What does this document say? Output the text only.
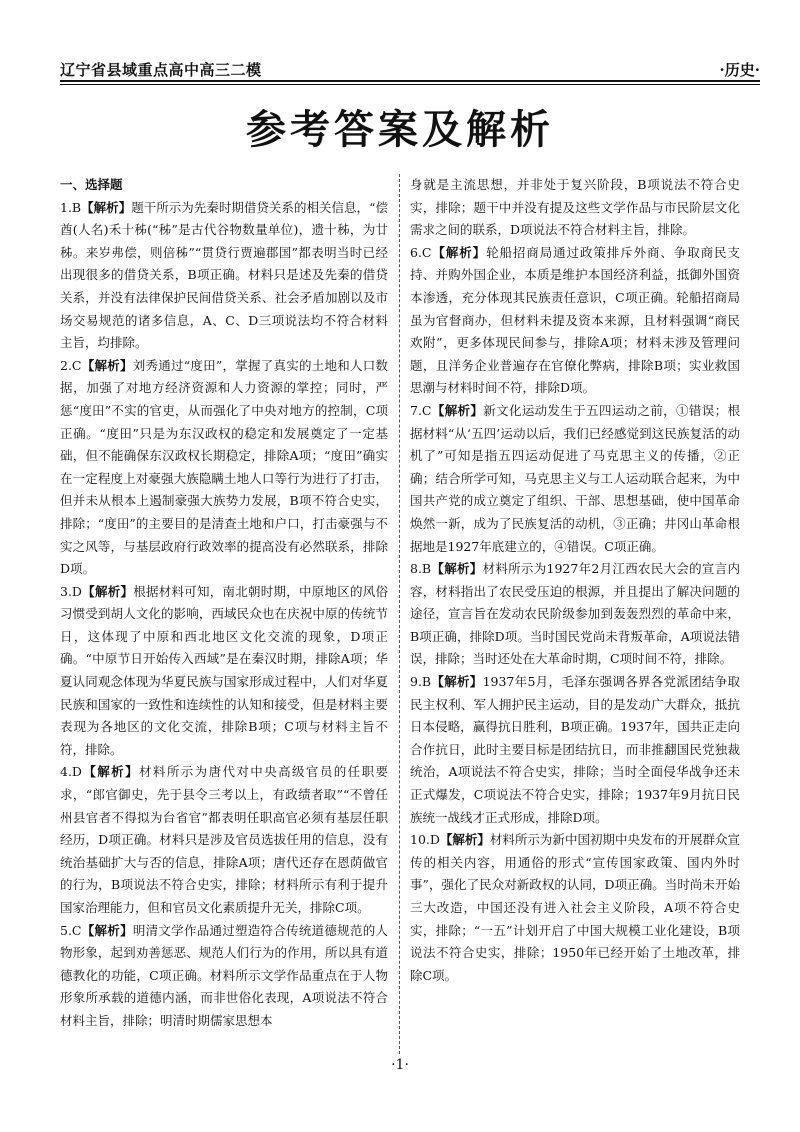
辽宁省县域重点高中高三二模	·历史·
参考答案及解析
一、选择题

1.B【解析】题干所示为先秦时期借贷关系的相关信息，“偿酋(人名)禾十秭(“秭”是古代谷物数量单位)，遗十秭，为廿秭。来岁弗偿，则倍秭”“贯贷行贾遍郡国”都表明当时已经出现很多的借贷关系，B项正确。材料只是述及先秦的借贷关系，并没有法律保护民间借贷关系、社会矛盾加剧以及市场交易规范的诸多信息，A、C、D三项说法均不符合材料主旨，均排除。

2.C【解析】刘秀通过“度田”，掌握了真实的土地和人口数据，加强了对地方经济资源和人力资源的掌控；同时，严惩“度田”不实的官吏，从而强化了中央对地方的控制，C项正确。“度田”只是为东汉政权的稳定和发展奠定了一定基础，但不能确保东汉政权长期稳定，排除A项；“度田”确实在一定程度上对豪强大族隐瞒土地人口等行为进行了打击，但并未从根本上遏制豪强大族势力发展，B项不符合史实，排除；“度田”的主要目的是清查土地和户口，打击豪强与不实之风等，与基层政府行政效率的提高没有必然联系，排除D项。

3.D【解析】根据材料可知，南北朝时期，中原地区的风俗习惯受到胡人文化的影响，西域民众也在庆祝中原的传统节日，这体现了中原和西北地区文化交流的现象，D项正确。“中原节日开始传入西域”是在秦汉时期，排除A项；华夏认同观念体现为华夏民族与国家形成过程中，人们对华夏民族和国家的一致性和连续性的认知和接受，但是材料主要表现为各地区的文化交流，排除B项；C项与材料主旨不符，排除。

4.D【解析】材料所示为唐代对中央高级官员的任职要求，“郎官御史，先于县令三考以上，有政绩者取”“不曾任州县官者不得拟为台省官”都表明任职高官必须有基层任职经历，D项正确。材料只是涉及官员选拔任用的信息，没有统治基础扩大与否的信息，排除A项；唐代还存在恩荫做官的行为，B项说法不符合史实，排除；材料所示有利于提升国家治理能力，但和官员文化素质提升无关，排除C项。

5.C【解析】明清文学作品通过塑造符合传统道德规范的人物形象，起到劝善惩恶、规范人们行为的作用，所以具有道德教化的功能，C项正确。材料所示文学作品重点在于人物形象所承载的道德内涵，而非世俗化表现，A项说法不符合材料主旨，排除；明清时期儒家思想本

身就是主流思想，并非处于复兴阶段，B项说法不符合史实，排除；题干中并没有提及这些文学作品与市民阶层文化需求之间的联系，D项说法不符合材料主旨，排除。

6.C【解析】轮船招商局通过政策排斥外商、争取商民支持、并购外国企业，本质是维护本国经济利益，抵御外国资本渗透，充分体现其民族责任意识，C项正确。轮船招商局虽为官督商办，但材料未提及资本来源，且材料强调“商民欢附”，更多体现民间参与，排除A项；材料未涉及管理问题，且洋务企业普遍存在官僚化弊病，排除B项；实业救国思潮与材料时间不符，排除D项。

7.C【解析】新文化运动发生于五四运动之前，①错误；根据材料“从‘五四’运动以后，我们已经感觉到这民族复活的动机了”可知是指五四运动促进了马克思主义的传播，②正确；结合所学可知，马克思主义与工人运动联合起来，为中国共产党的成立奠定了组织、干部、思想基础，使中国革命焕然一新，成为了民族复活的动机，③正确；井冈山革命根据地是1927年底建立的，④错误。C项正确。

8.B【解析】材料所示为1927年2月江西农民大会的宣言内容，材料指出了农民受压迫的根源，并且提出了解决问题的途径，宣言旨在发动农民阶级参加到轰轰烈烈的革命中来，B项正确，排除D项。当时国民党尚未背叛革命，A项说法错误，排除；当时还处在大革命时期，C项时间不符，排除。

9.B【解析】1937年5月，毛泽东强调各界各党派团结争取民主权利、军人拥护民主运动，目的是发动广大群众，抵抗日本侵略，赢得抗日胜利，B项正确。1937年，国共正走向合作抗日，此时主要目标是团结抗日，而非推翻国民党独裁统治，A项说法不符合史实，排除；当时全面侵华战争还未正式爆发，C项说法不符合史实，排除；1937年9月抗日民族统一战线才正式形成，排除D项。

10.D【解析】材料所示为新中国初期中央发布的开展群众宣传的相关内容，用通俗的形式“宣传国家政策、国内外时事”，强化了民众对新政权的认同，D项正确。当时尚未开始三大改造，中国还没有进入社会主义阶段，A项不符合史实，排除；“一五”计划开启了中国大规模工业化建设，B项说法不符合史实，排除；1950年已经开始了土地改革，排除C项。

·1·
